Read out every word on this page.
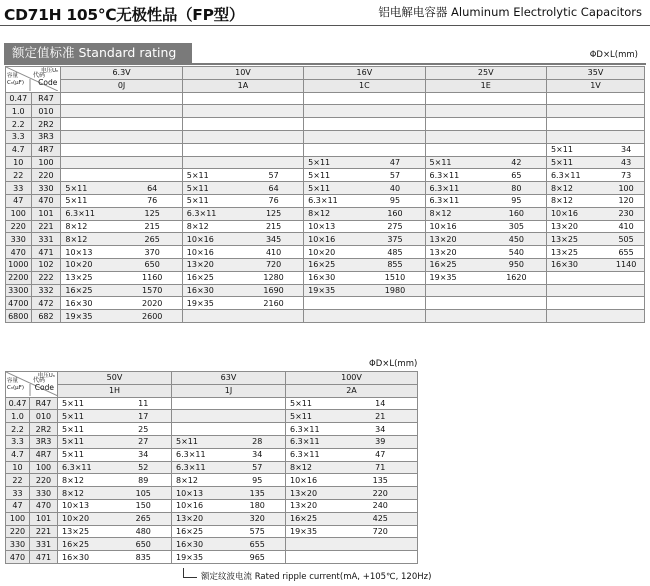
CD71H 105℃无极性品（FP型）	铝电解电容器 Aluminum Electrolytic Capacitors
额定值标准 Standard rating	ΦD×L(mm)
电压Uₙ
容量
Cₙ(μF) Code
代码		6.3V		10V		16V		25V		35V	
		0J		1A		1C		1E		1V	
0.47	R47										
1.0	010										
2.2	2R2										
3.3	3R3										
4.7	4R7									5×11	34
10	100					5×11	47	5×11	42	5×11	43
22	220			5×11	57	5×11	57	6.3×11	65	6.3×11	73
33	330	5×11	64	5×11	64	5×11	40	6.3×11	80	8×12	100
47	470	5×11	76	5×11	76	6.3×11	95	6.3×11	95	8×12	120
100	101	6.3×11	125	6.3×11	125	8×12	160	8×12	160	10×16	230
220	221	8×12	215	8×12	215	10×13	275	10×16	305	13×20	410
330	331	8×12	265	10×16	345	10×16	375	13×20	450	13×25	505
470	471	10×13	370	10×16	410	10×20	485	13×20	540	13×25	655
1000	102	10×20	650	13×20	720	16×25	855	16×25	950	16×30	1140
2200	222	13×25	1160	16×25	1280	16×30	1510	19×35	1620		
3300	332	16×25	1570	16×30	1690	19×35	1980				
4700	472	16×30	2020	19×35	2160						
6800	682	19×35	2600								
ΦD×L(mm)
电压Uₙ
容量
Cₙ(μF) Code
代码		50V		63V		100V	
		1H		1J		2A	
0.47	R47	5×11	11			5×11	14
1.0	010	5×11	17			5×11	21
2.2	2R2	5×11	25			6.3×11	34
3.3	3R3	5×11	27	5×11	28	6.3×11	39
4.7	4R7	5×11	34	6.3×11	34	6.3×11	47
10	100	6.3×11	52	6.3×11	57	8×12	71
22	220	8×12	89	8×12	95	10×16	135
33	330	8×12	105	10×13	135	13×20	220
47	470	10×13	150	10×16	180	13×20	240
100	101	10×20	265	13×20	320	16×25	425
220	221	13×25	480	16×25	575	19×35	720
330	331	16×25	650	16×30	655		
470	471	16×30	835	19×35	965		
额定纹波电流 Rated ripple current(mA, +105℃, 120Hz)
